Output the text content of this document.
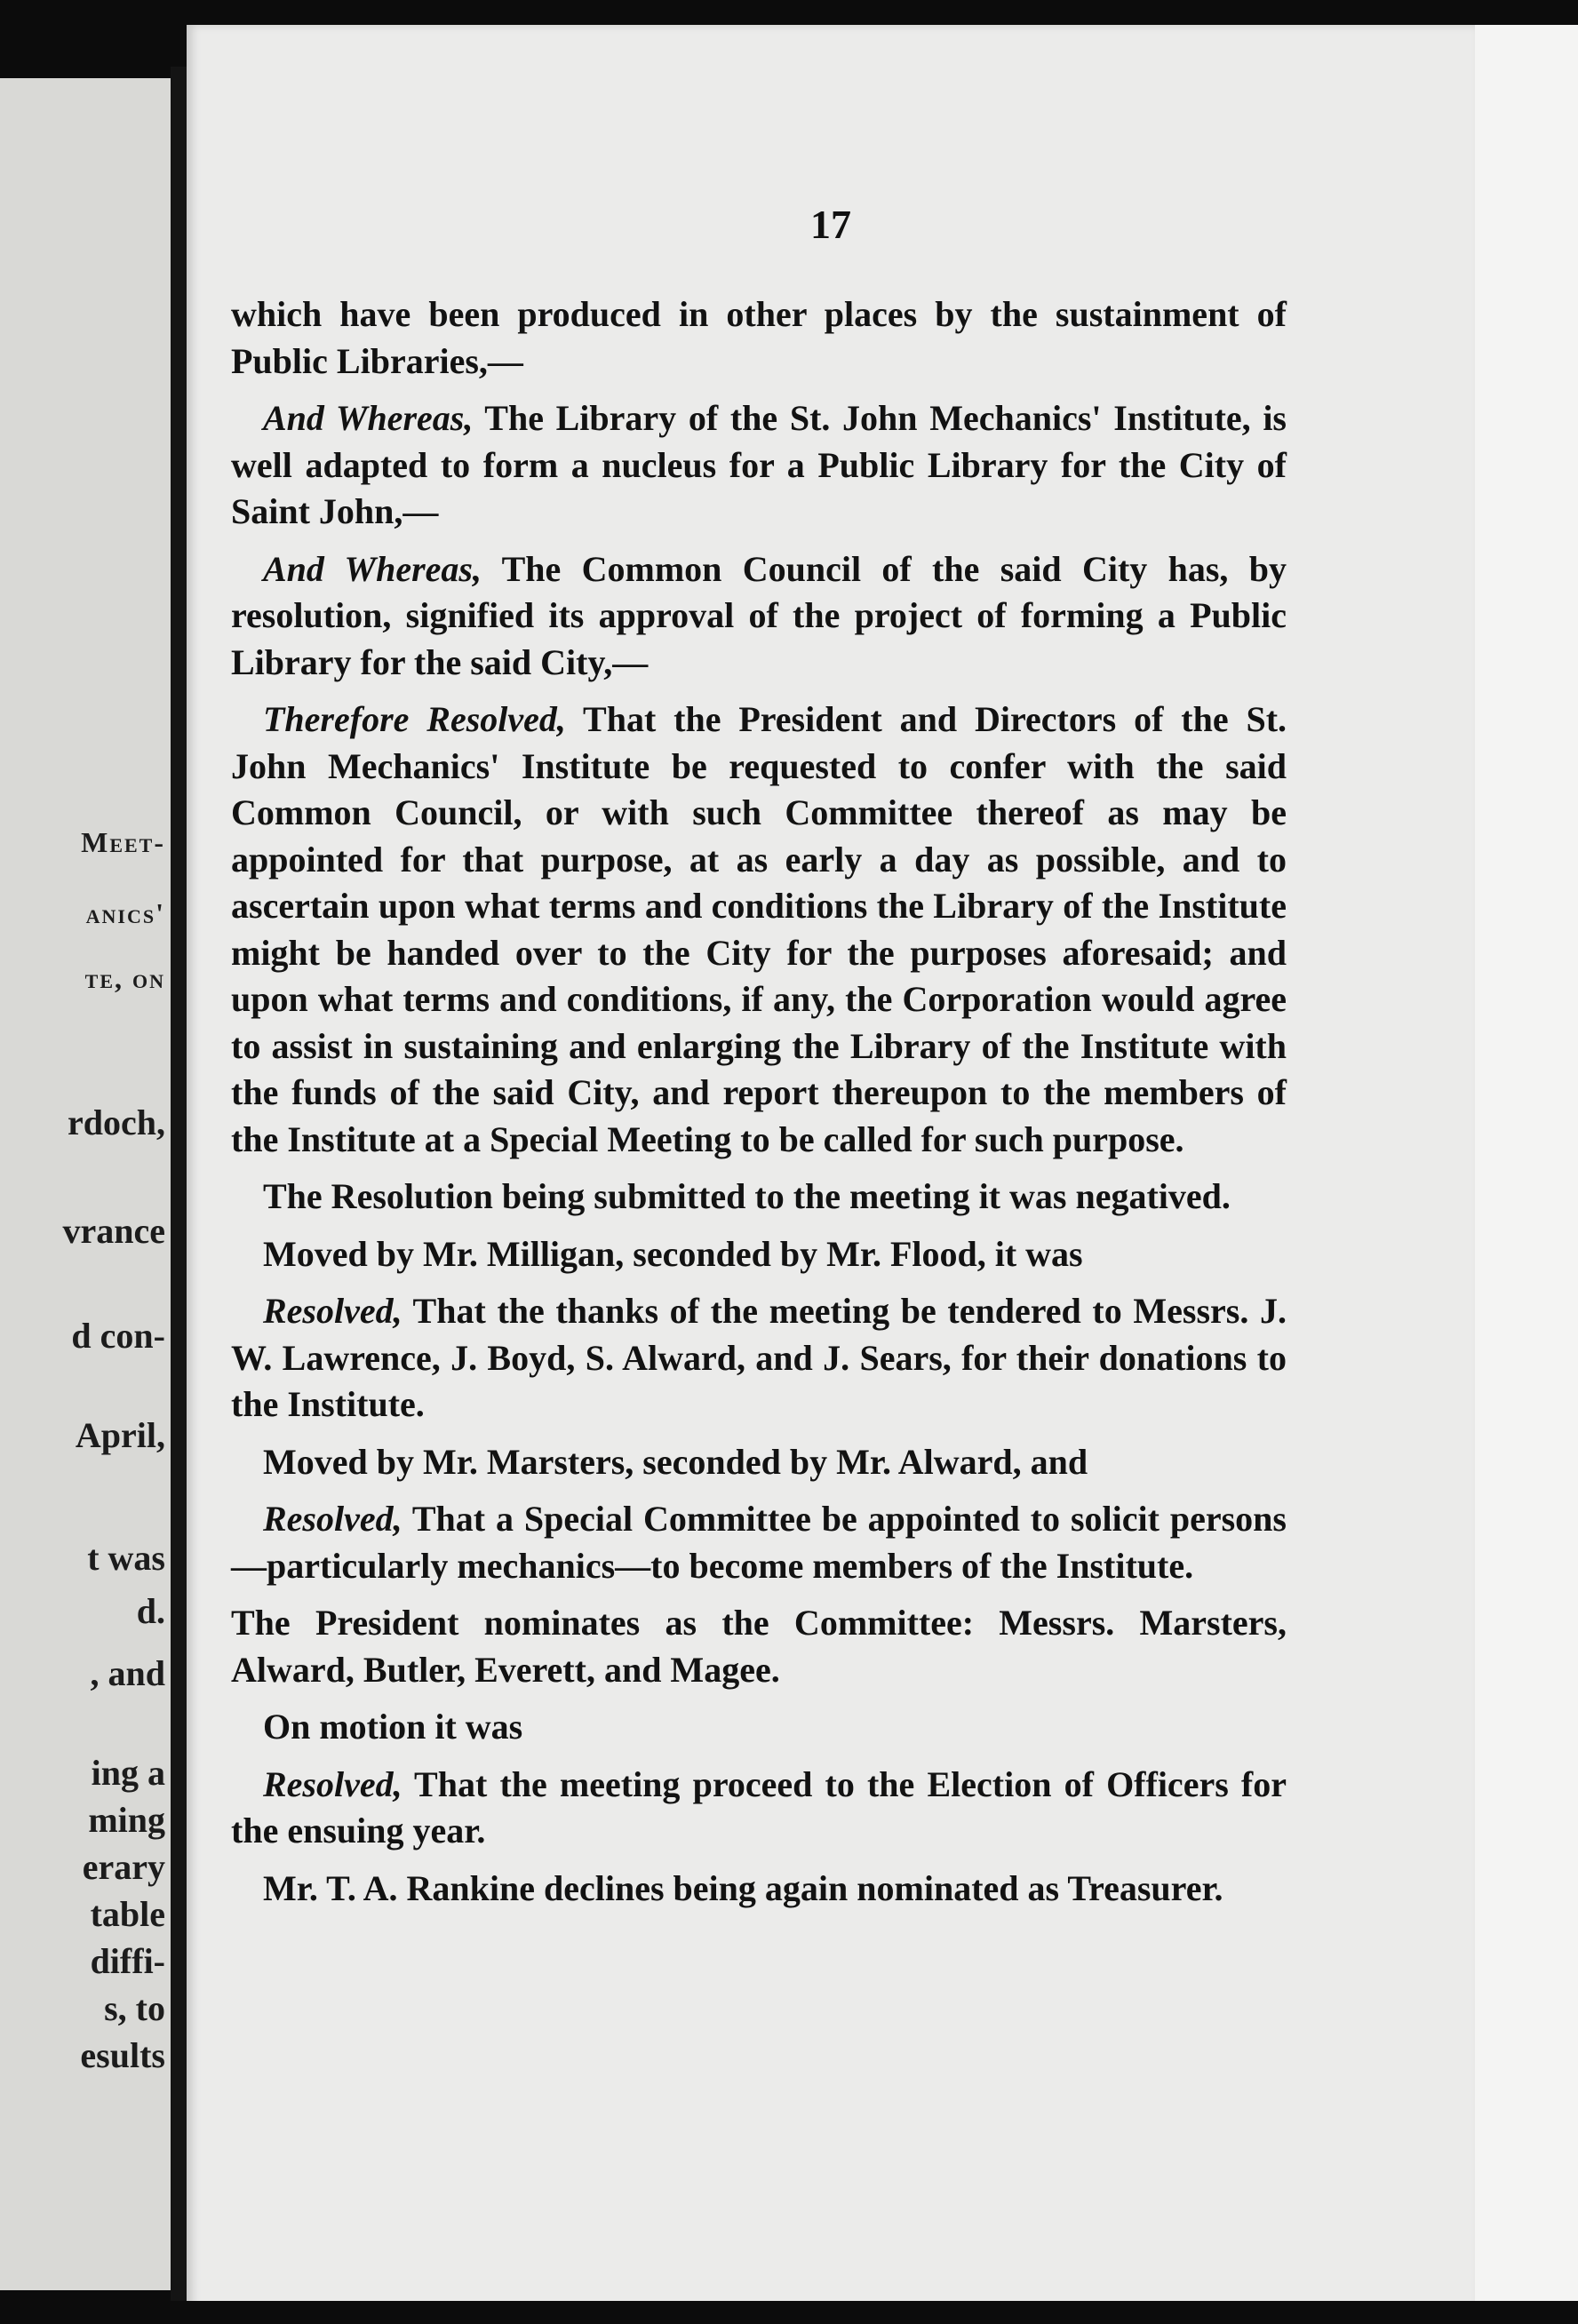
Meet-
anics'
te, on
rdoch,
vrance
d con-
April,
t was
d.
, and
ing a
ming
erary
table
diffi-
s, to
esults
17

which have been produced in other places by the sustainment of Public Libraries,—

And Whereas, The Library of the St. John Mechanics' Institute, is well adapted to form a nucleus for a Public Library for the City of Saint John,—

And Whereas, The Common Council of the said City has, by resolution, signified its approval of the project of forming a Public Library for the said City,—

Therefore Resolved, That the President and Directors of the St. John Mechanics' Institute be requested to confer with the said Common Council, or with such Committee thereof as may be appointed for that purpose, at as early a day as possible, and to ascertain upon what terms and conditions the Library of the Institute might be handed over to the City for the purposes aforesaid; and upon what terms and conditions, if any, the Corporation would agree to assist in sustaining and enlarging the Library of the Institute with the funds of the said City, and report thereupon to the members of the Institute at a Special Meeting to be called for such purpose.

The Resolution being submitted to the meeting it was negatived.

Moved by Mr. Milligan, seconded by Mr. Flood, it was

Resolved, That the thanks of the meeting be tendered to Messrs. J. W. Lawrence, J. Boyd, S. Alward, and J. Sears, for their donations to the Institute.

Moved by Mr. Marsters, seconded by Mr. Alward, and

Resolved, That a Special Committee be appointed to solicit persons—particularly mechanics—to become members of the Institute.

The President nominates as the Committee: Messrs. Marsters, Alward, Butler, Everett, and Magee.

On motion it was

Resolved, That the meeting proceed to the Election of Officers for the ensuing year.

Mr. T. A. Rankine declines being again nominated as Treasurer.
